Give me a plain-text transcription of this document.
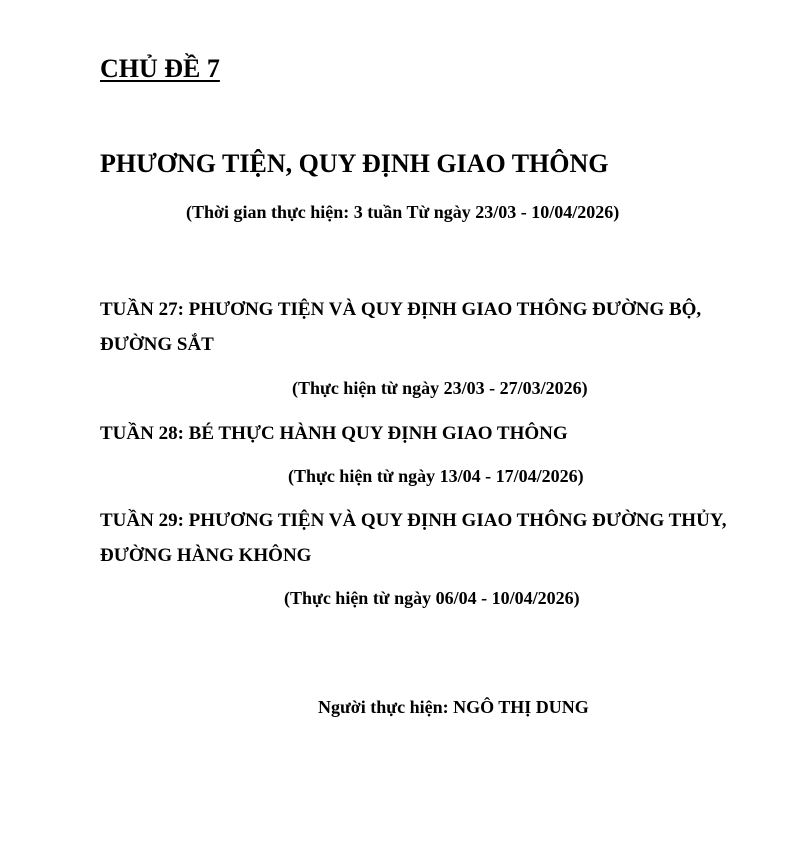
CHỦ ĐỀ 7
PHƯƠNG TIỆN, QUY ĐỊNH GIAO THÔNG
(Thời gian thực hiện: 3 tuần Từ ngày 23/03 - 10/04/2026)
TUẦN 27: PHƯƠNG TIỆN VÀ QUY ĐỊNH GIAO THÔNG ĐƯỜNG BỘ, ĐƯỜNG SẮT
(Thực hiện từ ngày 23/03 - 27/03/2026)
TUẦN 28: BÉ THỰC HÀNH QUY ĐỊNH GIAO THÔNG
(Thực hiện từ ngày 13/04 - 17/04/2026)
TUẦN 29: PHƯƠNG TIỆN VÀ QUY ĐỊNH GIAO THÔNG ĐƯỜNG THỦY, ĐƯỜNG HÀNG KHÔNG
(Thực hiện từ ngày 06/04 - 10/04/2026)
Người thực hiện: NGÔ THỊ DUNG
